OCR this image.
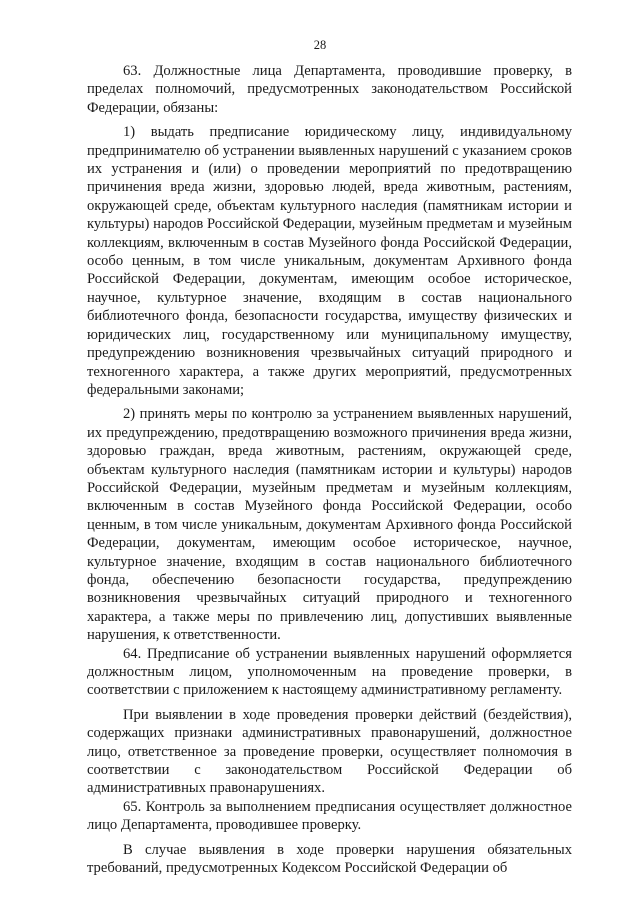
28

63. Должностные лица Департамента, проводившие проверку, в пределах полномочий, предусмотренных законодательством Российской Федерации, обязаны:

1) выдать предписание юридическому лицу, индивидуальному предпринимателю об устранении выявленных нарушений с указанием сроков их устранения и (или) о проведении мероприятий по предотвращению причинения вреда жизни, здоровью людей, вреда животным, растениям, окружающей среде, объектам культурного наследия (памятникам истории и культуры) народов Российской Федерации, музейным предметам и музейным коллекциям, включенным в состав Музейного фонда Российской Федерации, особо ценным, в том числе уникальным, документам Архивного фонда Российской Федерации, документам, имеющим особое историческое, научное, культурное значение, входящим в состав национального библиотечного фонда, безопасности государства, имуществу физических и юридических лиц, государственному или муниципальному имуществу, предупреждению возникновения чрезвычайных ситуаций природного и техногенного характера, а также других мероприятий, предусмотренных федеральными законами;

2) принять меры по контролю за устранением выявленных нарушений, их предупреждению, предотвращению возможного причинения вреда жизни, здоровью граждан, вреда животным, растениям, окружающей среде, объектам культурного наследия (памятникам истории и культуры) народов Российской Федерации, музейным предметам и музейным коллекциям, включенным в состав Музейного фонда Российской Федерации, особо ценным, в том числе уникальным, документам Архивного фонда Российской Федерации, документам, имеющим особое историческое, научное, культурное значение, входящим в состав национального библиотечного фонда, обеспечению безопасности государства, предупреждению возникновения чрезвычайных ситуаций природного и техногенного характера, а также меры по привлечению лиц, допустивших выявленные нарушения, к ответственности.

64. Предписание об устранении выявленных нарушений оформляется должностным лицом, уполномоченным на проведение проверки, в соответствии с приложением к настоящему административному регламенту.

При выявлении в ходе проведения проверки действий (бездействия), содержащих признаки административных правонарушений, должностное лицо, ответственное за проведение проверки, осуществляет полномочия в соответствии с законодательством Российской Федерации об административных правонарушениях.

65. Контроль за выполнением предписания осуществляет должностное лицо Департамента, проводившее проверку.

В случае выявления в ходе проверки нарушения обязательных требований, предусмотренных Кодексом Российской Федерации об
